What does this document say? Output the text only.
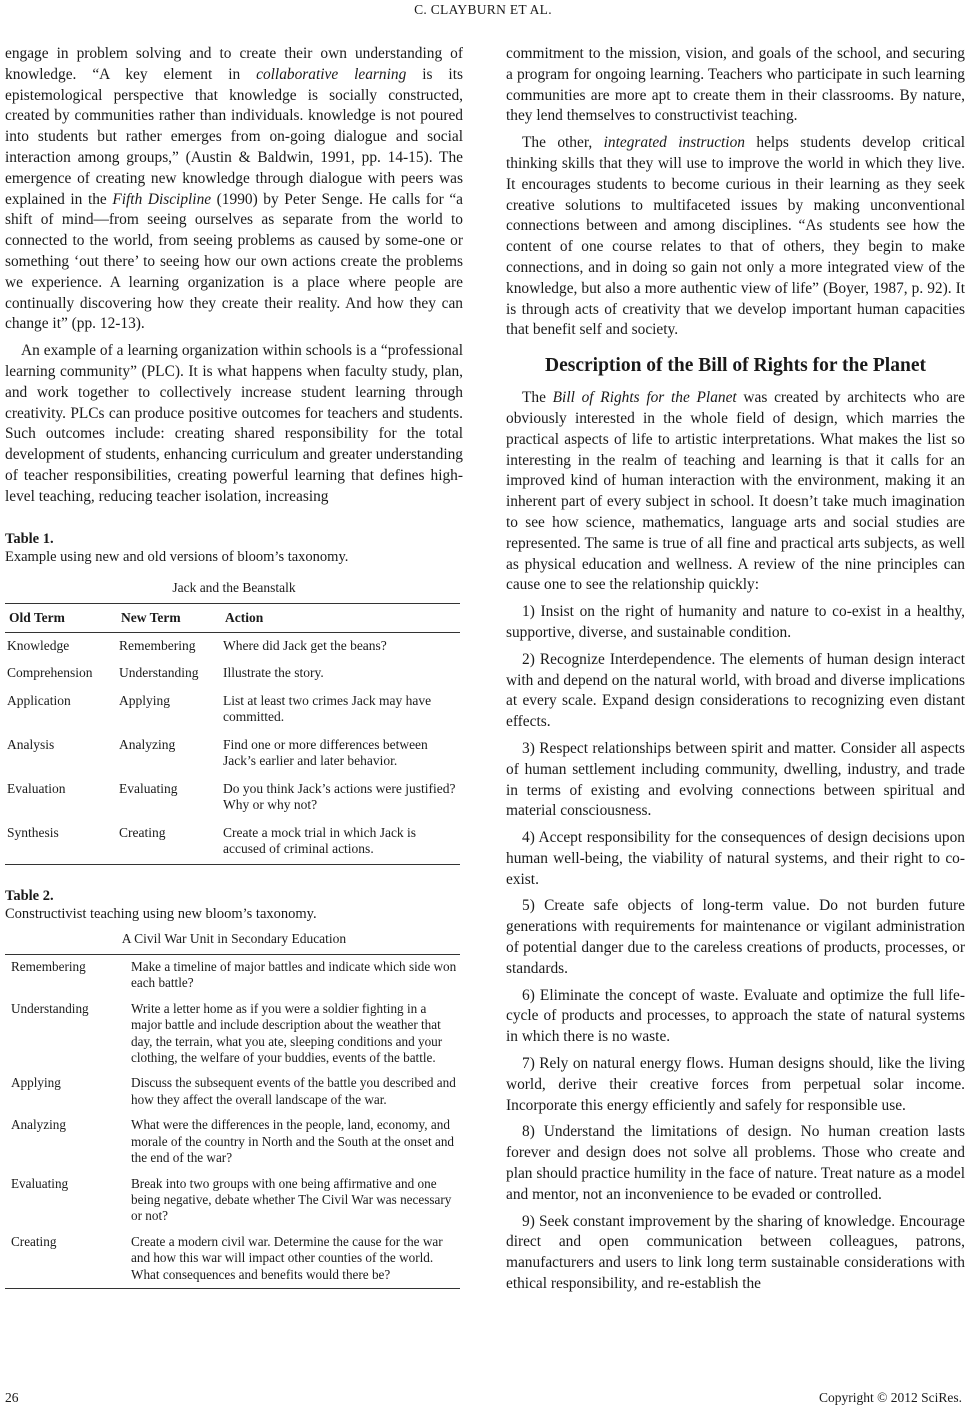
C. CLAYBURN ET AL.

engage in problem solving and to create their own understanding of knowledge. “A key element in collaborative learning is its epistemological perspective that knowledge is socially constructed, created by communities rather than individuals. knowledge is not poured into students but rather emerges from on-going dialogue and social interaction among groups,” (Austin & Baldwin, 1991, pp. 14-15). The emergence of creating new knowledge through dialogue with peers was explained in the Fifth Discipline (1990) by Peter Senge. He calls for “a shift of mind—from seeing ourselves as separate from the world to connected to the world, from seeing problems as caused by some-one or something ‘out there’ to seeing how our own actions create the problems we experience. A learning organization is a place where people are continually discovering how they create their reality. And how they can change it” (pp. 12-13).

An example of a learning organization within schools is a “professional learning community” (PLC). It is what happens when faculty study, plan, and work together to collectively increase student learning through creativity. PLCs can produce positive outcomes for teachers and students. Such outcomes include: creating shared responsibility for the total development of students, enhancing curriculum and greater understanding of teacher responsibilities, creating powerful learning that defines high-level teaching, reducing teacher isolation, increasing

Table 1.
Example using new and old versions of bloom’s taxonomy.
Jack and the Beanstalk
Old Term	New Term	Action
Knowledge	Remembering	Where did Jack get the beans?
Comprehension	Understanding	Illustrate the story.
Application	Applying	List at least two crimes Jack may have committed.
Analysis	Analyzing	Find one or more differences between Jack’s earlier and later behavior.
Evaluation	Evaluating	Do you think Jack’s actions were justified? Why or why not?
Synthesis	Creating	Create a mock trial in which Jack is accused of criminal actions.
Table 2.
Constructivist teaching using new bloom’s taxonomy.
A Civil War Unit in Secondary Education
Remembering	Make a timeline of major battles and indicate which side won each battle?
Understanding	Write a letter home as if you were a soldier fighting in a major battle and include description about the weather that day, the terrain, what you ate, sleeping conditions and your clothing, the welfare of your buddies, events of the battle.
Applying	Discuss the subsequent events of the battle you described and how they affect the overall landscape of the war.
Analyzing	What were the differences in the people, land, economy, and morale of the country in North and the South at the onset and the end of the war?
Evaluating	Break into two groups with one being affirmative and one being negative, debate whether The Civil War was necessary or not?
Creating	Create a modern civil war. Determine the cause for the war and how this war will impact other counties of the world. What consequences and benefits would there be?

commitment to the mission, vision, and goals of the school, and securing a program for ongoing learning. Teachers who participate in such learning communities are more apt to create them in their classrooms. By nature, they lend themselves to constructivist teaching.

The other, integrated instruction helps students develop critical thinking skills that they will use to improve the world in which they live. It encourages students to become curious in their learning as they seek creative solutions to multifaceted issues by making unconventional connections between and among disciplines. “As students see how the content of one course relates to that of others, they begin to make connections, and in doing so gain not only a more integrated view of the knowledge, but also a more authentic view of life” (Boyer, 1987, p. 92). It is through acts of creativity that we develop important human capacities that benefit self and society.

Description of the Bill of Rights for the Planet

The Bill of Rights for the Planet was created by architects who are obviously interested in the whole field of design, which marries the practical aspects of life to artistic interpretations. What makes the list so interesting in the realm of teaching and learning is that it calls for an improved kind of human interaction with the environment, making it an inherent part of every subject in school. It doesn’t take much imagination to see how science, mathematics, language arts and social studies are represented. The same is true of all fine and practical arts subjects, as well as physical education and wellness. A review of the nine principles can cause one to see the relationship quickly:

1) Insist on the right of humanity and nature to co-exist in a healthy, supportive, diverse, and sustainable condition.

2) Recognize Interdependence. The elements of human design interact with and depend on the natural world, with broad and diverse implications at every scale. Expand design considerations to recognizing even distant effects.

3) Respect relationships between spirit and matter. Consider all aspects of human settlement including community, dwelling, industry, and trade in terms of existing and evolving connections between spiritual and material consciousness.

4) Accept responsibility for the consequences of design decisions upon human well-being, the viability of natural systems, and their right to co-exist.

5) Create safe objects of long-term value. Do not burden future generations with requirements for maintenance or vigilant administration of potential danger due to the careless creations of products, processes, or standards.

6) Eliminate the concept of waste. Evaluate and optimize the full life-cycle of products and processes, to approach the state of natural systems in which there is no waste.

7) Rely on natural energy flows. Human designs should, like the living world, derive their creative forces from perpetual solar income. Incorporate this energy efficiently and safely for responsible use.

8) Understand the limitations of design. No human creation lasts forever and design does not solve all problems. Those who create and plan should practice humility in the face of nature. Treat nature as a model and mentor, not an inconvenience to be evaded or controlled.

9) Seek constant improvement by the sharing of knowledge. Encourage direct and open communication between colleagues, patrons, manufacturers and users to link long term sustainable considerations with ethical responsibility, and re-establish the

26	Copyright © 2012 SciRes.
